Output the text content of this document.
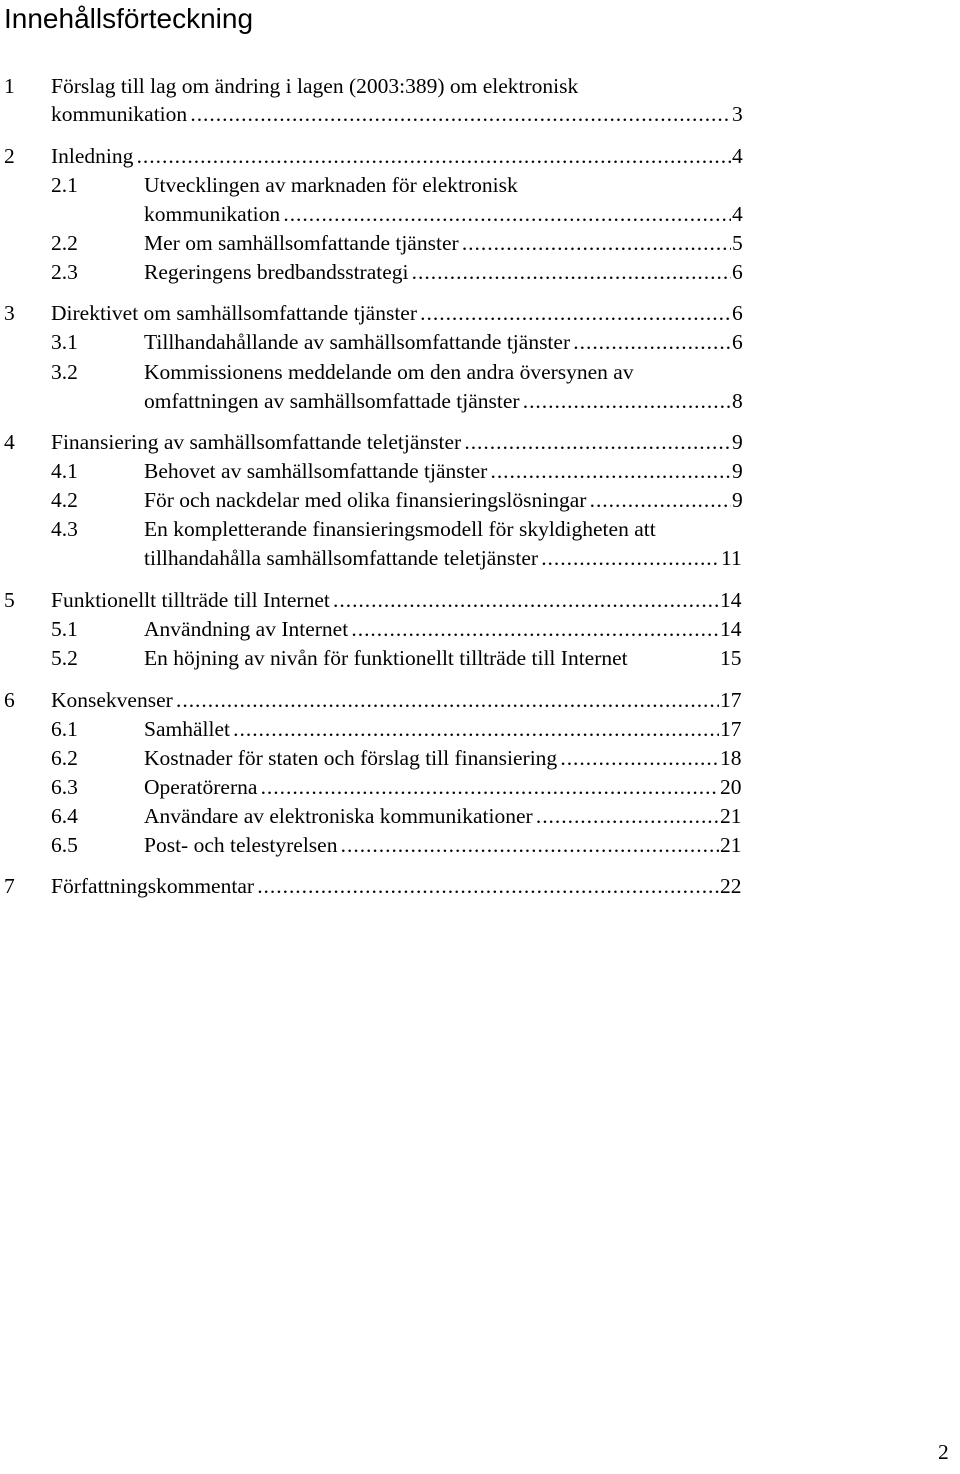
Innehållsförteckning
1 Förslag till lag om ändring i lagen (2003:389) om elektronisk
kommunikation . . .	3
2 Inledning . . .	4
2.1	Utvecklingen av marknaden för elektronisk
kommunikation . . .	4
2.2	Mer om samhällsomfattande tjänster . . .	5
2.3	Regeringens bredbandsstrategi . . .	6
3 Direktivet om samhällsomfattande tjänster . . .	6
3.1	Tillhandahållande av samhällsomfattande tjänster . . .	6
3.2	Kommissionens meddelande om den andra översynen av
omfattningen av samhällsomfattade tjänster . . .	8
4 Finansiering av samhällsomfattande teletjänster . . .	9
4.1	Behovet av samhällsomfattande tjänster . . .	9
4.2	För och nackdelar med olika finansieringslösningar . . .	9
4.3	En kompletterande finansieringsmodell för skyldigheten att
tillhandahålla samhällsomfattande teletjänster . . .	11
5 Funktionellt tillträde till Internet . . .	14
5.1	Användning av Internet . . .	14
5.2	En höjning av nivån för funktionellt tillträde till Internet	15
6 Konsekvenser . . .	17
6.1	Samhället . . .	17
6.2	Kostnader för staten och förslag till finansiering . . .	18
6.3	Operatörerna . . .	20
6.4	Användare av elektroniska kommunikationer . . .	21
6.5	Post- och telestyrelsen . . .	21
7 Författningskommentar . . .	22
2
